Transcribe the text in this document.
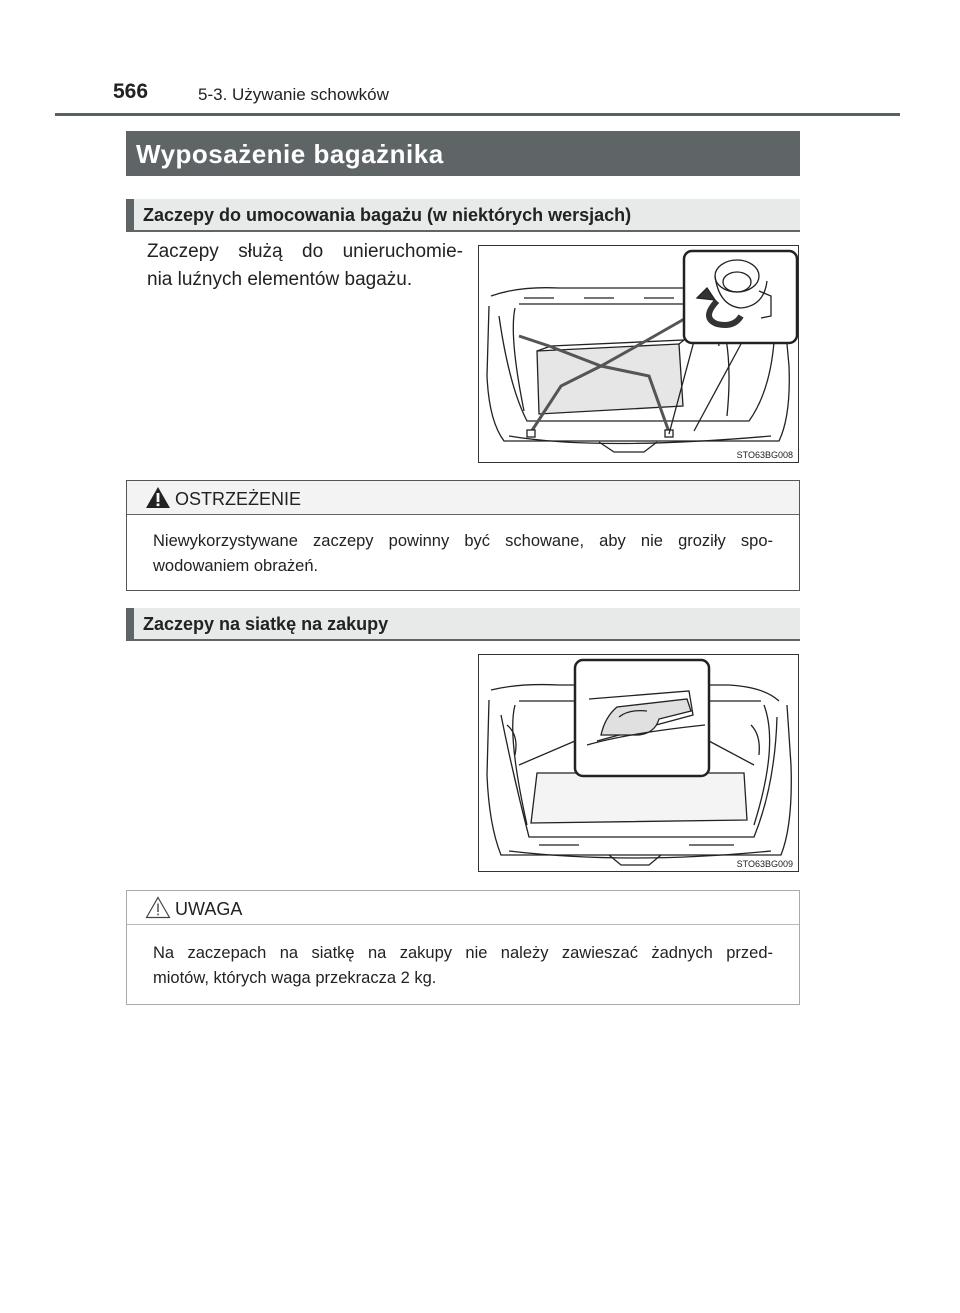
566	5-3. Używanie schowków
Wyposażenie bagażnika
Zaczepy do umocowania bagażu (w niektórych wersjach)
Zaczepy służą do unieruchomie-
nia luźnych elementów bagażu.
STO63BG008
OSTRZEŻENIE
Niewykorzystywane zaczepy powinny być schowane, aby nie groziły spo-
wodowaniem obrażeń.
Zaczepy na siatkę na zakupy
STO63BG009
UWAGA
Na zaczepach na siatkę na zakupy nie należy zawieszać żadnych przed-
miotów, których waga przekracza 2 kg.
